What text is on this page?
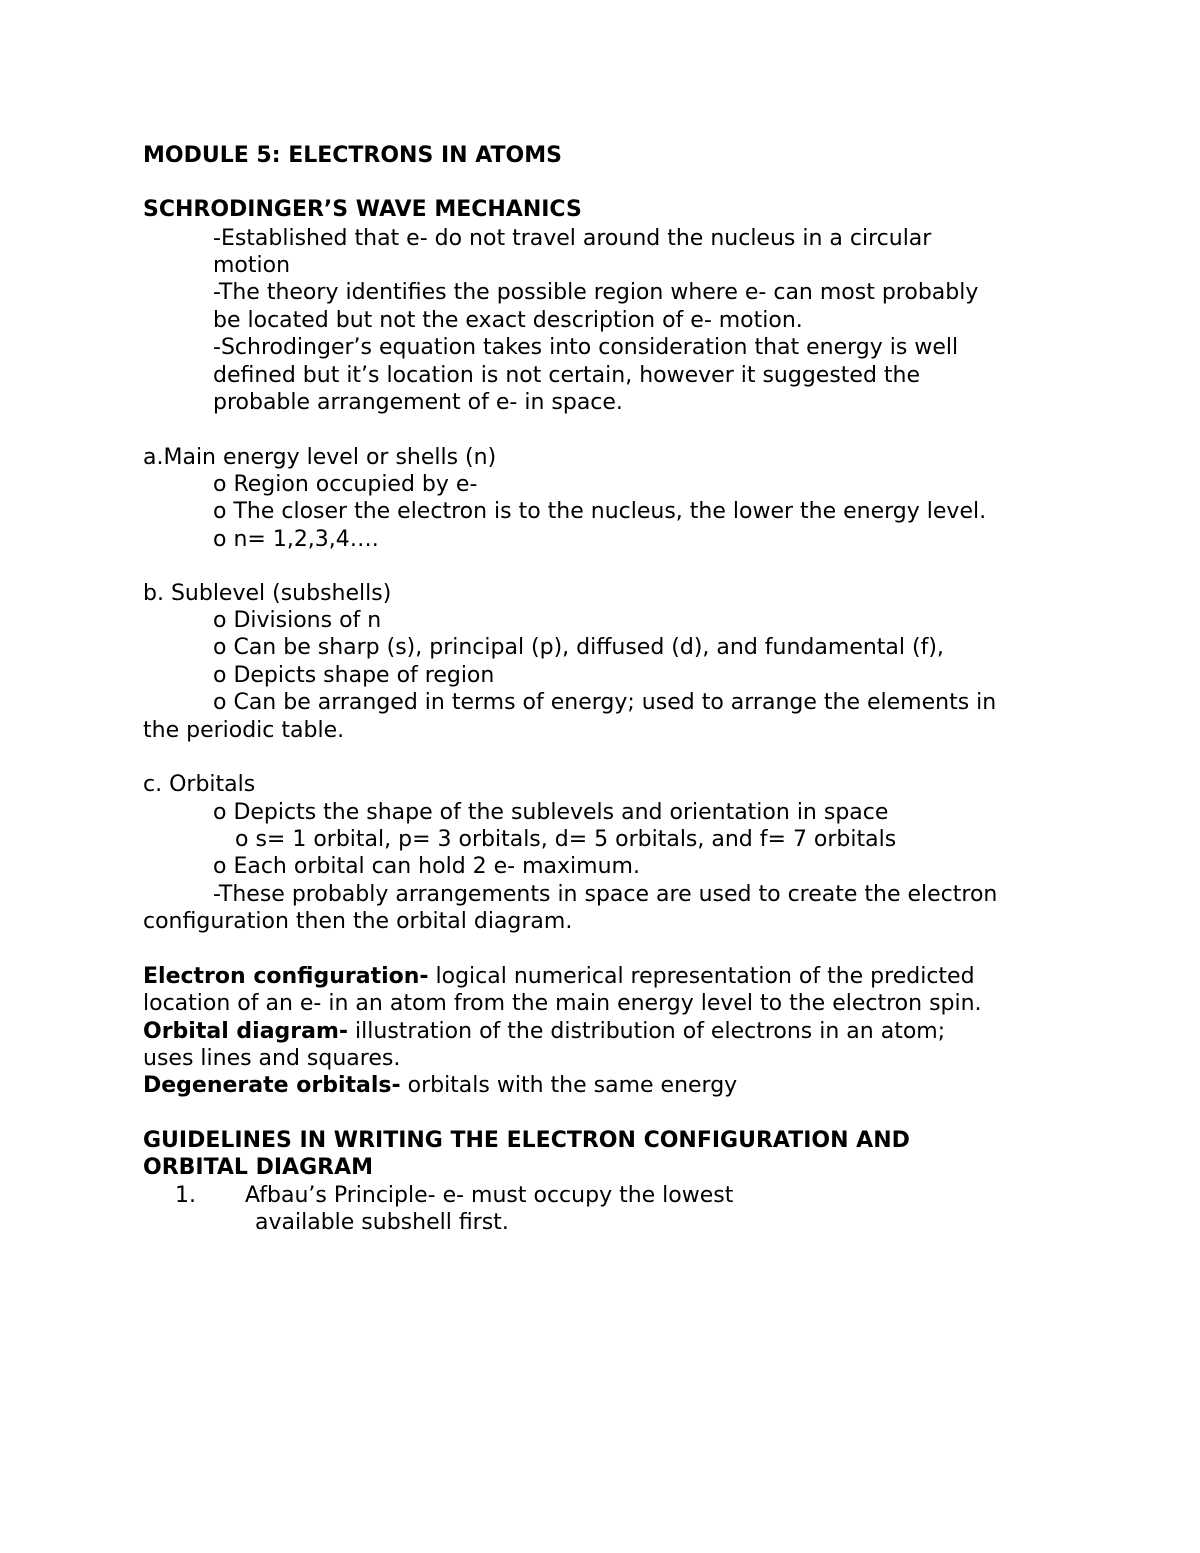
MODULE 5: ELECTRONS IN ATOMS
SCHRODINGER’S WAVE MECHANICS
-Established that e- do not travel around the nucleus in a circular
motion
-The theory identifies the possible region where e- can most probably
be located but not the exact description of e- motion.
-Schrodinger’s equation takes into consideration that energy is well
defined but it’s location is not certain, however it suggested the
probable arrangement of e- in space.
a.Main energy level or shells (n)
o Region occupied by e-
o The closer the electron is to the nucleus, the lower the energy level.
o n= 1,2,3,4….
b. Sublevel (subshells)
o Divisions of n
o Can be sharp (s), principal (p), diffused (d), and fundamental (f),
o Depicts shape of region
o Can be arranged in terms of energy; used to arrange the elements in
the periodic table.
c. Orbitals
o Depicts the shape of the sublevels and orientation in space
o s= 1 orbital, p= 3 orbitals, d= 5 orbitals, and f= 7 orbitals
o Each orbital can hold 2 e- maximum.
-These probably arrangements in space are used to create the electron
configuration then the orbital diagram.
Electron configuration- logical numerical representation of the predicted
location of an e- in an atom from the main energy level to the electron spin.
Orbital diagram- illustration of the distribution of electrons in an atom;
uses lines and squares.
Degenerate orbitals- orbitals with the same energy
GUIDELINES IN WRITING THE ELECTRON CONFIGURATION AND
ORBITAL DIAGRAM
1. Afbau’s Principle- e- must occupy the lowest
available subshell first.
